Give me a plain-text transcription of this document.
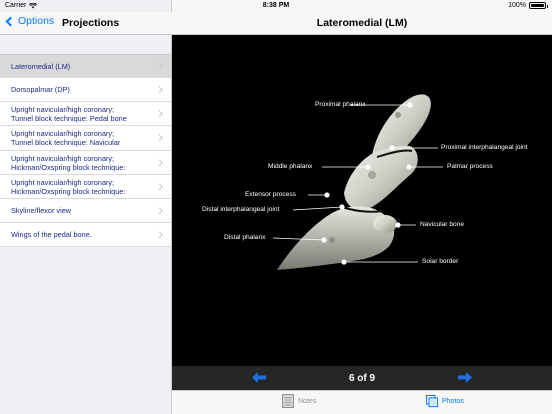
Carrier	8:38 PM	100%
Options Projections
Lateromedial (LM)
Dorsopalmar (DP)
Upright navicular/high coronary;
Tunnel block technique: Pedal bone
Upright navicular/high coronary;
Tunnel block technique: Navicular
Upright navicular/high coronary;
Hickman/Oxspring block technique:
Upright navicular/high coronary;
Hickman/Oxspring block technique:
Skyline/flexor view
Wings of the pedal bone.
Lateromedial (LM)
Proximal phalanx
Proximal interphalangeal joint
Middle phalanx	Palmar process
Extensor process
Distal interphalangeal joint
Navicular bone
Distal phalanx
Solar border
6 of 9
Notes	Photos
